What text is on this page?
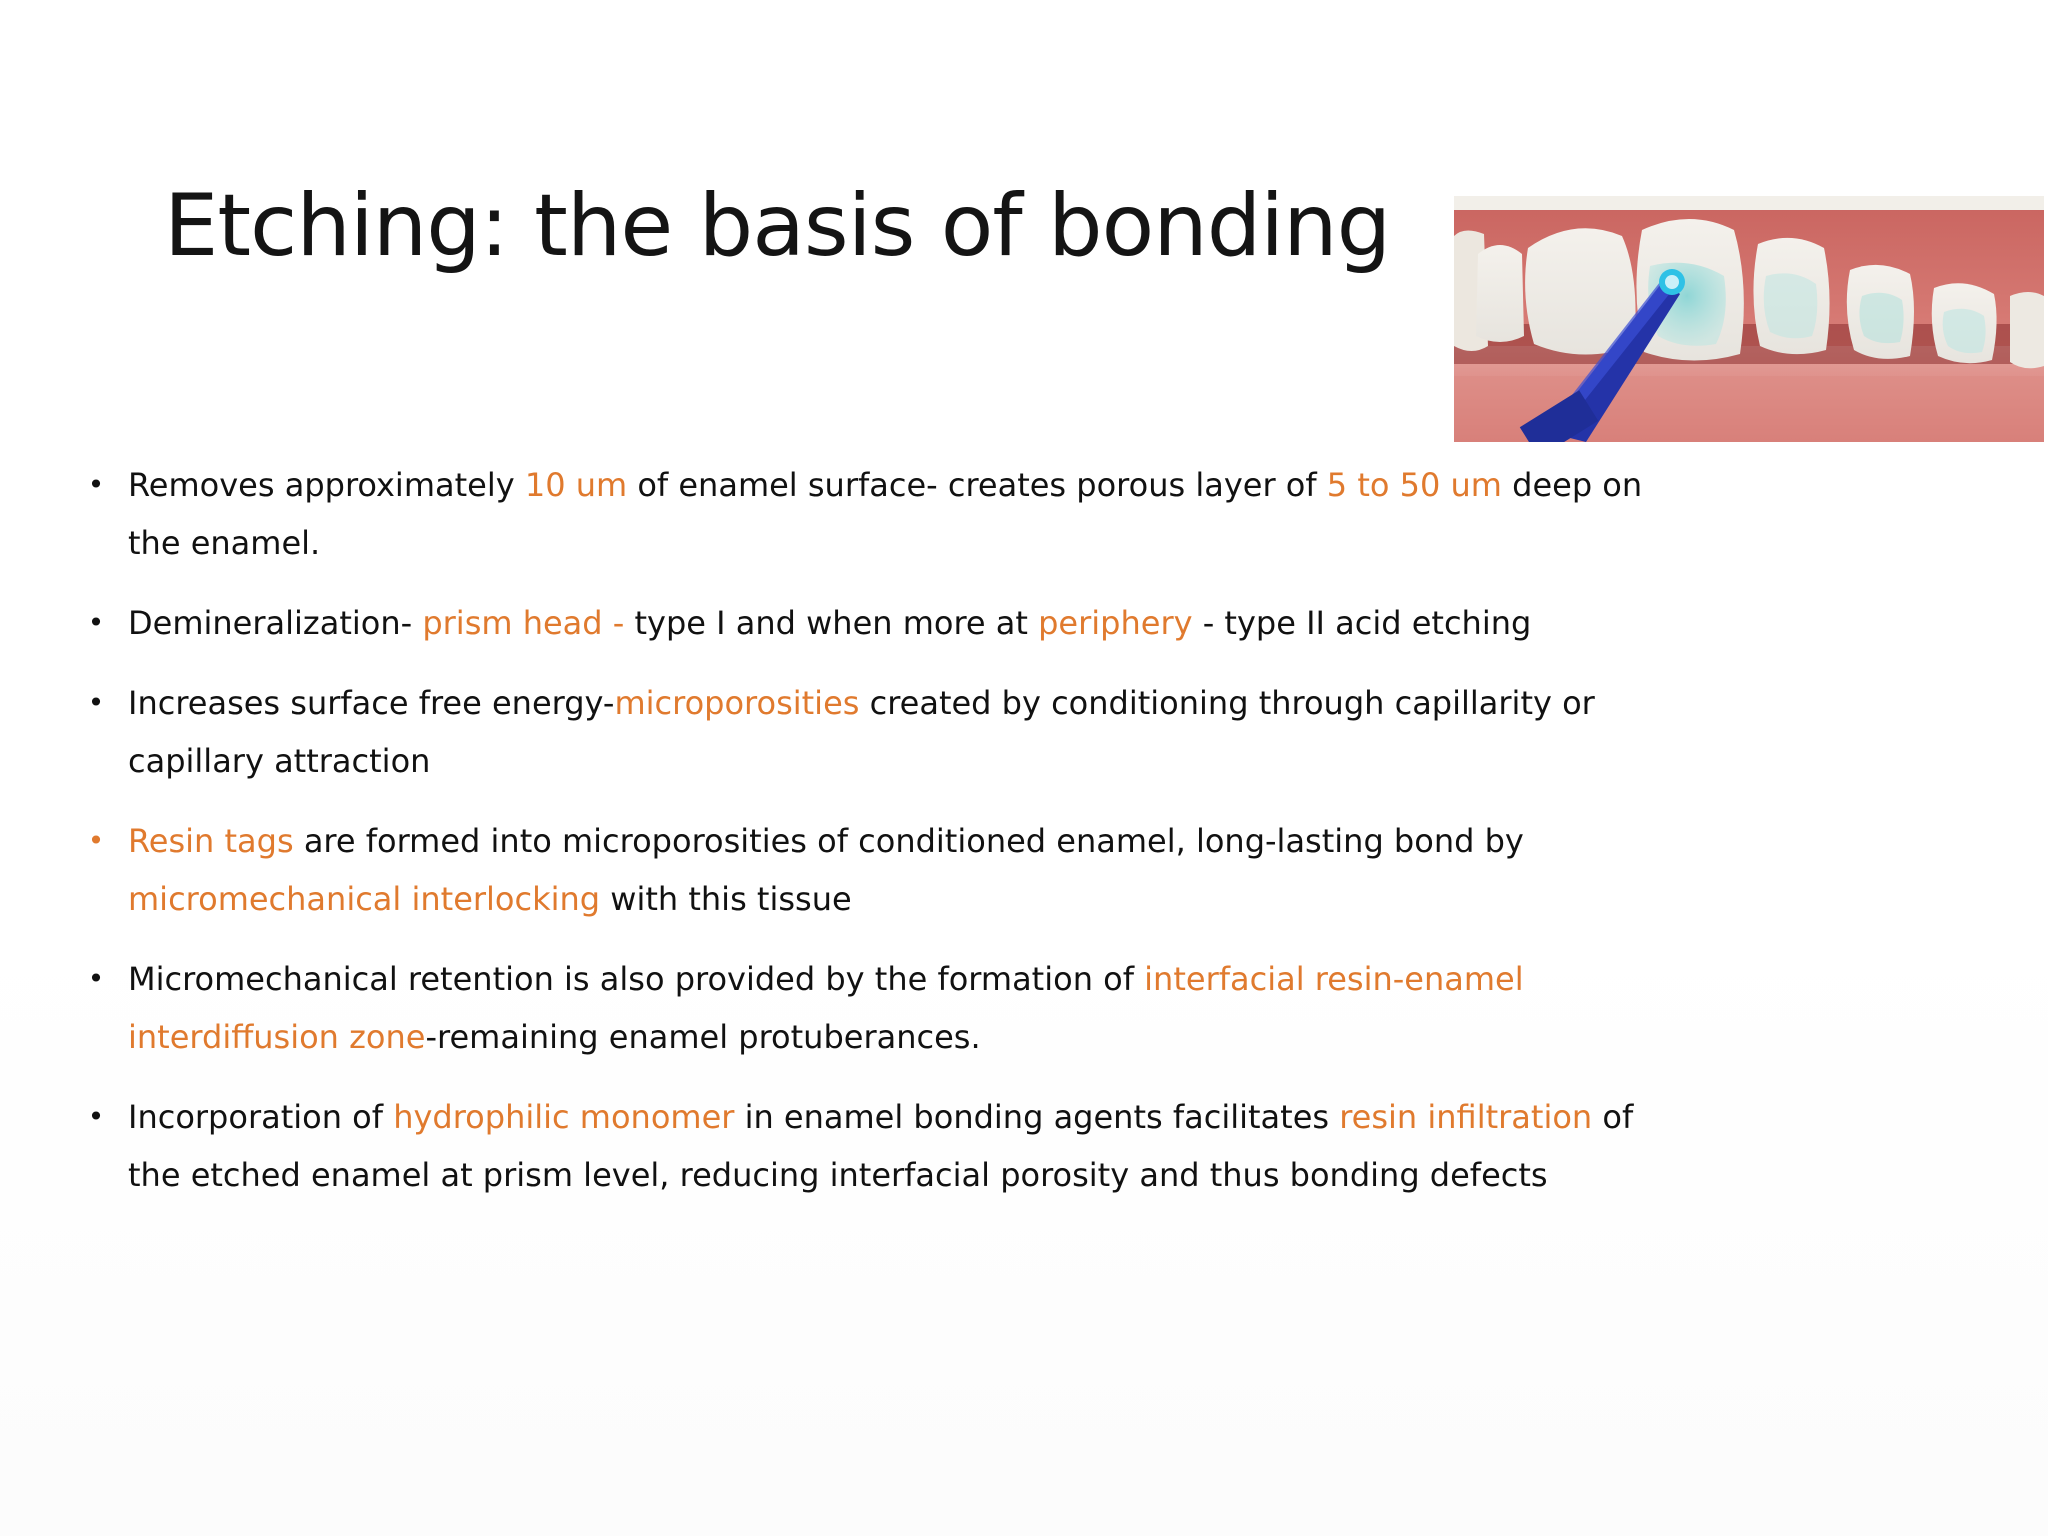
Etching: the basis of bonding
• Removes approximately 10 um of enamel surface- creates porous layer of 5 to 50 um deep on the enamel.
• Demineralization- prism head - type I and when more at periphery - type II acid etching
• Increases surface free energy-microporosities created by conditioning through capillarity or capillary attraction
• Resin tags are formed into microporosities of conditioned enamel, long-lasting bond by micromechanical interlocking with this tissue
• Micromechanical retention is also provided by the formation of interfacial resin-enamel interdiffusion zone-remaining enamel protuberances.
• Incorporation of hydrophilic monomer in enamel bonding agents facilitates resin infiltration of the etched enamel at prism level, reducing interfacial porosity and thus bonding defects
